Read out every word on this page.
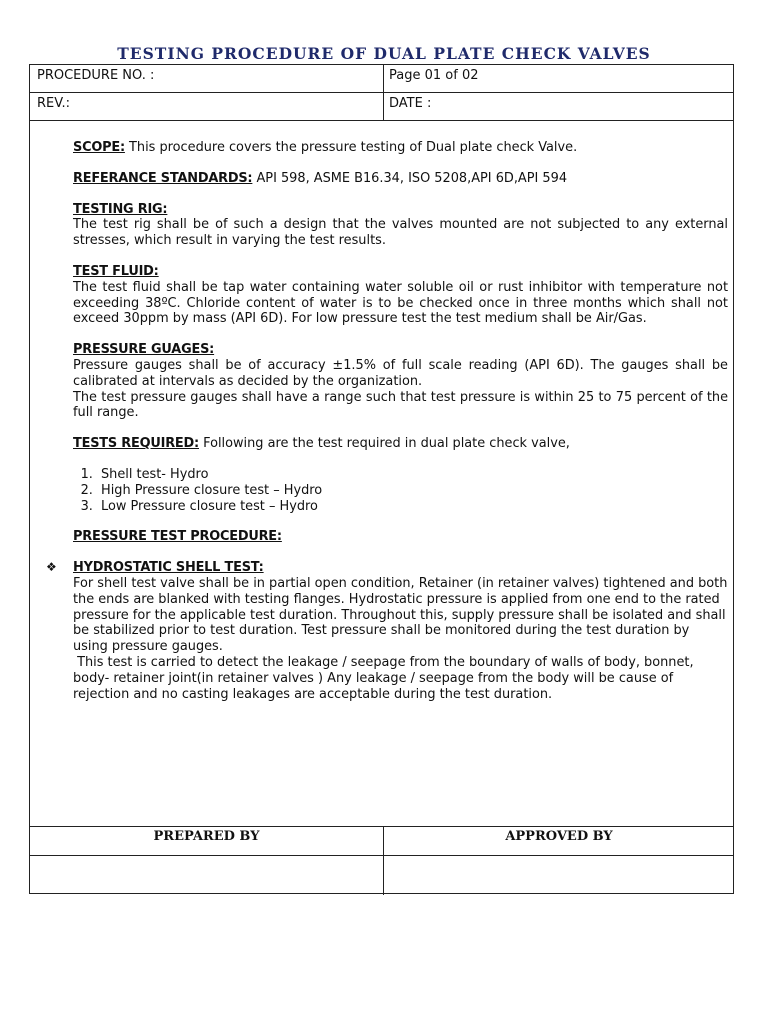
TESTING PROCEDURE OF DUAL PLATE CHECK VALVES
PROCEDURE NO. :	Page 01 of 02
REV.:	DATE :

SCOPE: This procedure covers the pressure testing of Dual plate check Valve.

REFERANCE STANDARDS: API 598, ASME B16.34, ISO 5208,API 6D,API 594

TESTING RIG:
The test rig shall be of such a design that the valves mounted are not subjected to any external stresses, which result in varying the test results.

TEST FLUID:
The test fluid shall be tap water containing water soluble oil or rust inhibitor with temperature not exceeding 38ºC. Chloride content of water is to be checked once in three months which shall not exceed 30ppm by mass (API 6D). For low pressure test the test medium shall be Air/Gas.

PRESSURE GUAGES:
Pressure gauges shall be of accuracy ±1.5% of full scale reading (API 6D). The gauges shall be calibrated at intervals as decided by the organization.

The test pressure gauges shall have a range such that test pressure is within 25 to 75 percent of the full range.

TESTS REQUIRED: Following are the test required in dual plate check valve,

1. Shell test- Hydro
2. High Pressure closure test – Hydro
3. Low Pressure closure test – Hydro

PRESSURE TEST PROCEDURE:

❖ HYDROSTATIC SHELL TEST:

For shell test valve shall be in partial open condition, Retainer (in retainer valves) tightened and both the ends are blanked with testing flanges. Hydrostatic pressure is applied from one end to the rated pressure for the applicable test duration. Throughout this, supply pressure shall be isolated and shall be stabilized prior to test duration. Test pressure shall be monitored during the test duration by using pressure gauges.

This test is carried to detect the leakage / seepage from the boundary of walls of body, bonnet, body- retainer joint(in retainer valves ) Any leakage / seepage from the body will be cause of rejection and no casting leakages are acceptable during the test duration.

PREPARED BY	APPROVED BY
